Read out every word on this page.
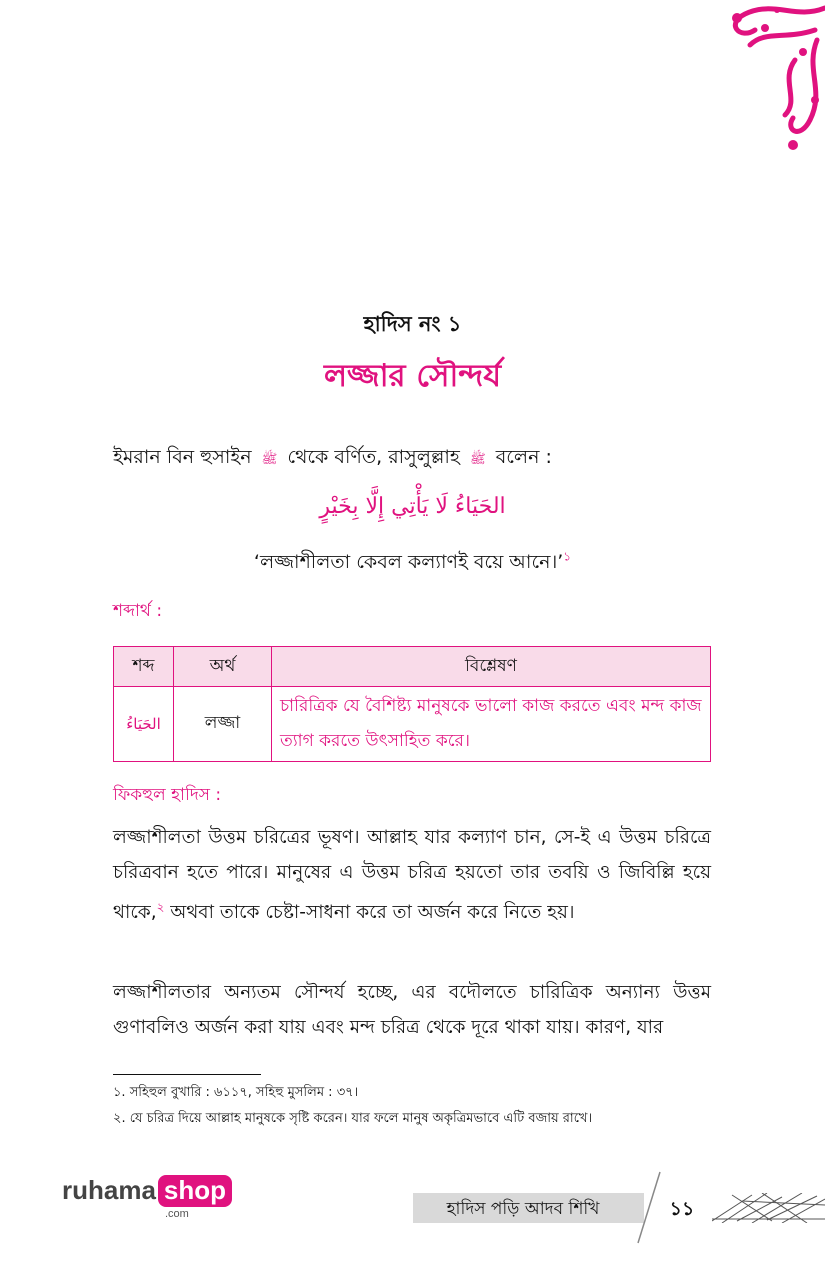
হাদিস নং ১
লজ্জার সৌন্দর্য
ইমরান বিন হুসাইন ﷺ থেকে বর্ণিত, রাসুলুল্লাহ ﷺ বলেন :
الحَيَاءُ لَا يَأْتِي إِلَّا بِخَيْرٍ
‘লজ্জাশীলতা কেবল কল্যাণই বয়ে আনে।’$^১$
শব্দার্থ :
শব্দ	অর্থ	বিশ্লেষণ
الحَيَاءُ	লজ্জা	চারিত্রিক যে বৈশিষ্ট্য মানুষকে ভালো কাজ করতে এবং মন্দ কাজ ত্যাগ করতে উৎসাহিত করে।
ফিকহুল হাদিস :
লজ্জাশীলতা উত্তম চরিত্রের ভূষণ। আল্লাহ যার কল্যাণ চান, সে-ই এ উত্তম চরিত্রে চরিত্রবান হতে পারে। মানুষের এ উত্তম চরিত্র হয়তো তার তবয়ি ও জিবিল্লি হয়ে থাকে,$^২$ অথবা তাকে চেষ্টা-সাধনা করে তা অর্জন করে নিতে হয়।
লজ্জাশীলতার অন্যতম সৌন্দর্য হচ্ছে, এর বদৌলতে চারিত্রিক অন্যান্য উত্তম গুণাবলিও অর্জন করা যায় এবং মন্দ চরিত্র থেকে দূরে থাকা যায়। কারণ, যার
১. সহিহুল বুখারি : ৬১১৭, সহিহু মুসলিম : ৩৭।
২. যে চরিত্র দিয়ে আল্লাহ মানুষকে সৃষ্টি করেন। যার ফলে মানুষ অকৃত্রিমভাবে এটি বজায় রাখে।
ruhama shop
.com	হাদিস পড়ি আদব শিখি	১১
